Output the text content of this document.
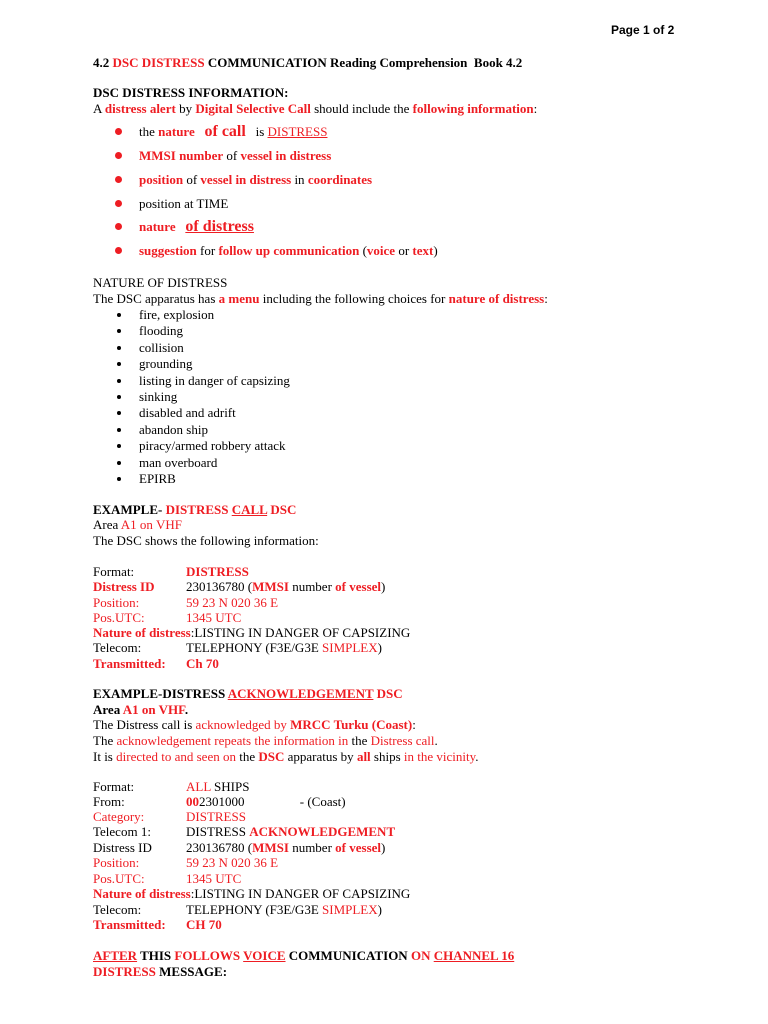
Page 1 of 2
4.2 DSC DISTRESS COMMUNICATION Reading Comprehension  Book 4.2
DSC DISTRESS INFORMATION:
A distress alert by Digital Selective Call should include the following information:
the nature of call   is DISTRESS
MMSI number of vessel in distress
position of vessel in distress in coordinates
position at TIME
nature of distress
suggestion for follow up communication (voice or text)
NATURE OF DISTRESS
The DSC apparatus has a menu including the following choices for nature of distress:
fire, explosion
flooding
collision
grounding
listing in danger of capsizing
sinking
disabled and adrift
abandon ship
piracy/armed robbery attack
man overboard
EPIRB
EXAMPLE- DISTRESS CALL DSC
Area A1 on VHF
The DSC shows the following information:
Format:	DISTRESS
Distress ID	230136780 (MMSI number of vessel)
Position:	59 23 N 020 36 E
Pos.UTC:	1345 UTC
Nature of distress :LISTING IN DANGER OF CAPSIZING
Telecom:	TELEPHONY (F3E/G3E SIMPLEX)
Transmitted:	Ch 70
EXAMPLE-DISTRESS ACKNOWLEDGEMENT DSC
Area A1 on VHF.
The Distress call is acknowledged by MRCC Turku (Coast):
The acknowledgement repeats the information in the Distress call.
It is directed to and seen on the DSC apparatus by all ships in the vicinity.
Format:	ALL SHIPS
From:	002301000                 - (Coast)
Category:	DISTRESS
Telecom 1:	DISTRESS ACKNOWLEDGEMENT
Distress ID	230136780 (MMSI number of vessel)
Position:	59 23 N 020 36 E
Pos.UTC:	1345 UTC
Nature of distress :LISTING IN DANGER OF CAPSIZING
Telecom:	TELEPHONY (F3E/G3E SIMPLEX)
Transmitted:	CH 70
AFTER THIS FOLLOWS VOICE COMMUNICATION ON CHANNEL 16
DISTRESS MESSAGE:
